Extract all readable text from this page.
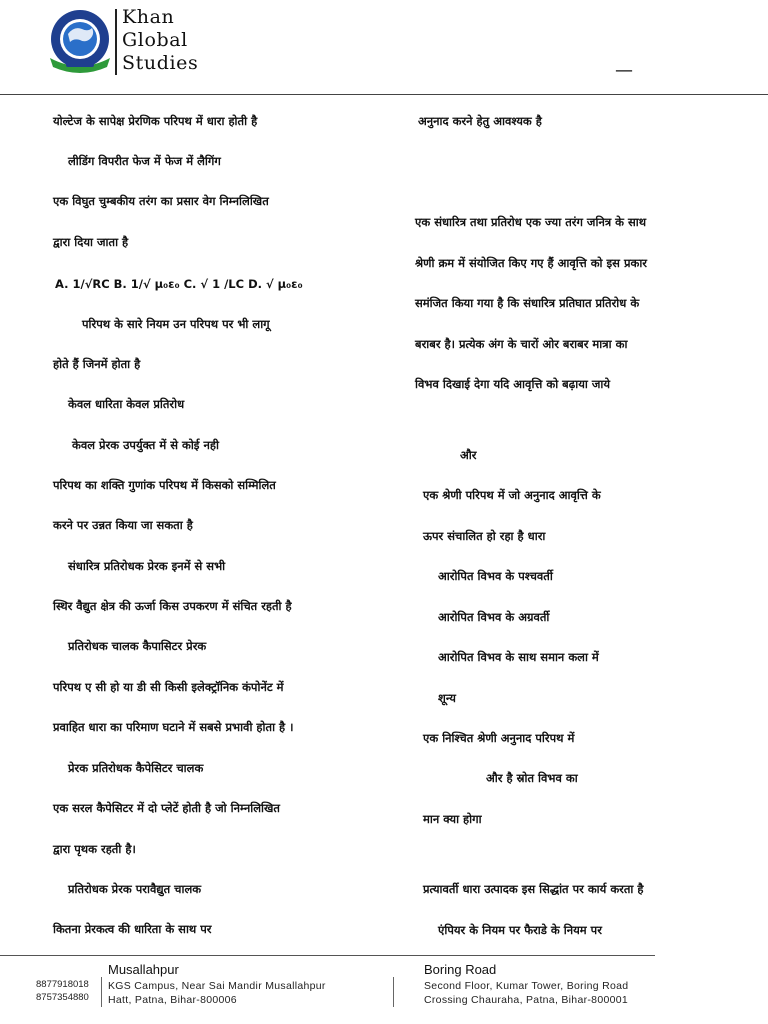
Khan
Global
Studies	—
योल्टेज के सापेक्ष प्रेरणिक परिपथ में धारा होती है
लीडिंग विपरीत फेज में फेज में लैगिंग
एक विघुत चुम्बकीय तरंग का प्रसार वेग निम्नलिखित
द्वारा दिया जाता है
A. 1/√RC B. 1/√ μ₀ε₀ C. √ 1 /LC D. √ μ₀ε₀
परिपथ के सारे नियम उन परिपथ पर भी लागू
होते हैं जिनमें होता है
केवल धारिता केवल प्रतिरोध
केवल प्रेरक उपर्युक्त में से कोई नही
परिपथ का शक्ति गुणांक परिपथ में किसको सम्मिलित
करने पर उन्नत किया जा सकता है
संधारित्र प्रतिरोधक प्रेरक इनमें से सभी
स्थिर वैद्युत क्षेत्र की ऊर्जा किस उपकरण में संचित रहती है
प्रतिरोधक चालक कैपासिटर प्रेरक
परिपथ ए सी हो या डी सी किसी इलेक्ट्रॉनिक कंपोनेंट में
प्रवाहित धारा का परिमाण घटाने में सबसे प्रभावी होता है ।
प्रेरक प्रतिरोधक कैपेसिटर चालक
एक सरल कैपेसिटर में दो प्लेटें होती है जो निम्नलिखित
द्वारा पृथक रहती है।
प्रतिरोधक प्रेरक परावैद्युत चालक
कितना प्रेरकत्व की धारिता के साथ पर
अनुनाद करने हेतु आवश्यक है
एक संधारित्र तथा प्रतिरोध एक ज्या तरंग जनित्र के साथ
श्रेणी क्रम में संयोजित किए गए हैं आवृत्ति को इस प्रकार
समंजित किया गया है कि संधारित्र प्रतिघात प्रतिरोध के
बराबर है। प्रत्येक अंग के चारों ओर बराबर मात्रा का
विभव दिखाई देगा यदि आवृत्ति को बढ़ाया जाये
और
एक श्रेणी परिपथ में जो अनुनाद आवृत्ति के
ऊपर संचालित हो रहा है धारा
आरोपित विभव के पश्चवर्ती
आरोपित विभव के अग्रवर्ती
आरोपित विभव के साथ समान कला में
शून्य
एक निश्चित श्रेणी अनुनाद परिपथ में
और है स्रोत विभव का
मान क्या होगा
प्रत्यावर्ती धारा उत्पादक इस सिद्धांत पर कार्य करता है
एंपियर के नियम पर फैराडे के नियम पर
8877918018
8757354880
Musallahpur
KGS Campus, Near Sai Mandir Musallahpur
Hatt, Patna, Bihar-800006
Boring Road
Second Floor, Kumar Tower, Boring Road
Crossing Chauraha, Patna, Bihar-800001
